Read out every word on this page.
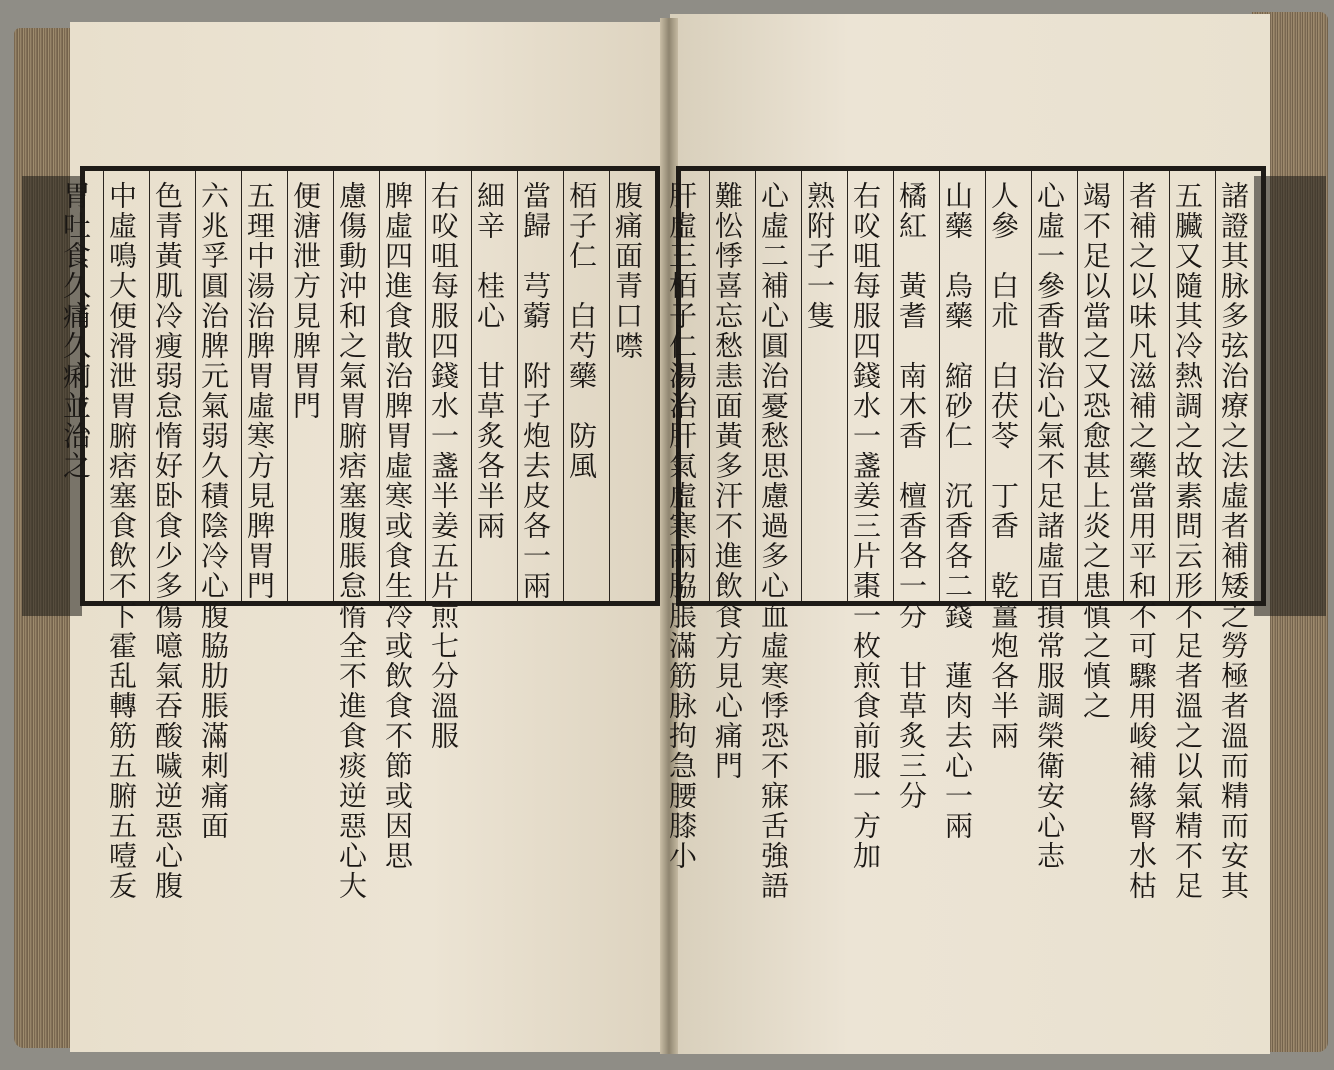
諸證其脉多弦治療之法虛者補矮之勞極者溫而精而安其
五臟又隨其冷熱調之故素問云形不足者溫之以氣精不足
者補之以味凡滋補之藥當用平和不可驟用峻補緣腎水枯
竭不足以當之又恐愈甚上炎之患慎之慎之
心虛一參香散治心氣不足諸虛百損常服調榮衛安心志
人參　白朮　白茯苓　丁香　乾薑炮各半兩
山藥　烏藥　縮砂仁　沉香各二錢　蓮肉去心一兩
橘紅　黃耆　南木香　檀香各一分　甘草炙三分
右㕮咀每服四錢水一盞姜三片棗一枚煎食前服一方加
熟附子一隻
心虛二補心圓治憂愁思慮過多心血虛寒悸恐不寐舌強語
難忪悸喜忘愁恚面黃多汗不進飲食方見心痛門
肝虛三栢子仁湯治肝氣虛寒兩脇脹滿筋脉拘急腰膝小
腹痛面青口噤
栢子仁　白芍藥　防風
當歸　芎藭　附子炮去皮各一兩
細辛　桂心　甘草炙各半兩
右㕮咀每服四錢水一盞半姜五片煎七分溫服
脾虛四進食散治脾胃虛寒或食生冷或飲食不節或因思
慮傷動沖和之氣胃腑痞塞腹脹怠惰全不進食痰逆惡心大
便溏泄方見脾胃門
五理中湯治脾胃虛寒方見脾胃門
六兆孚圓治脾元氣弱久積陰冷心腹脇肋脹滿刺痛面
色青黃肌冷瘦弱怠惰好卧食少多傷噫氣吞酸噦逆惡心腹
中虛鳴大便滑泄胃腑痞塞食飲不下霍乱轉筋五腑五噎叐
胃吐食久痛久痢並治之
